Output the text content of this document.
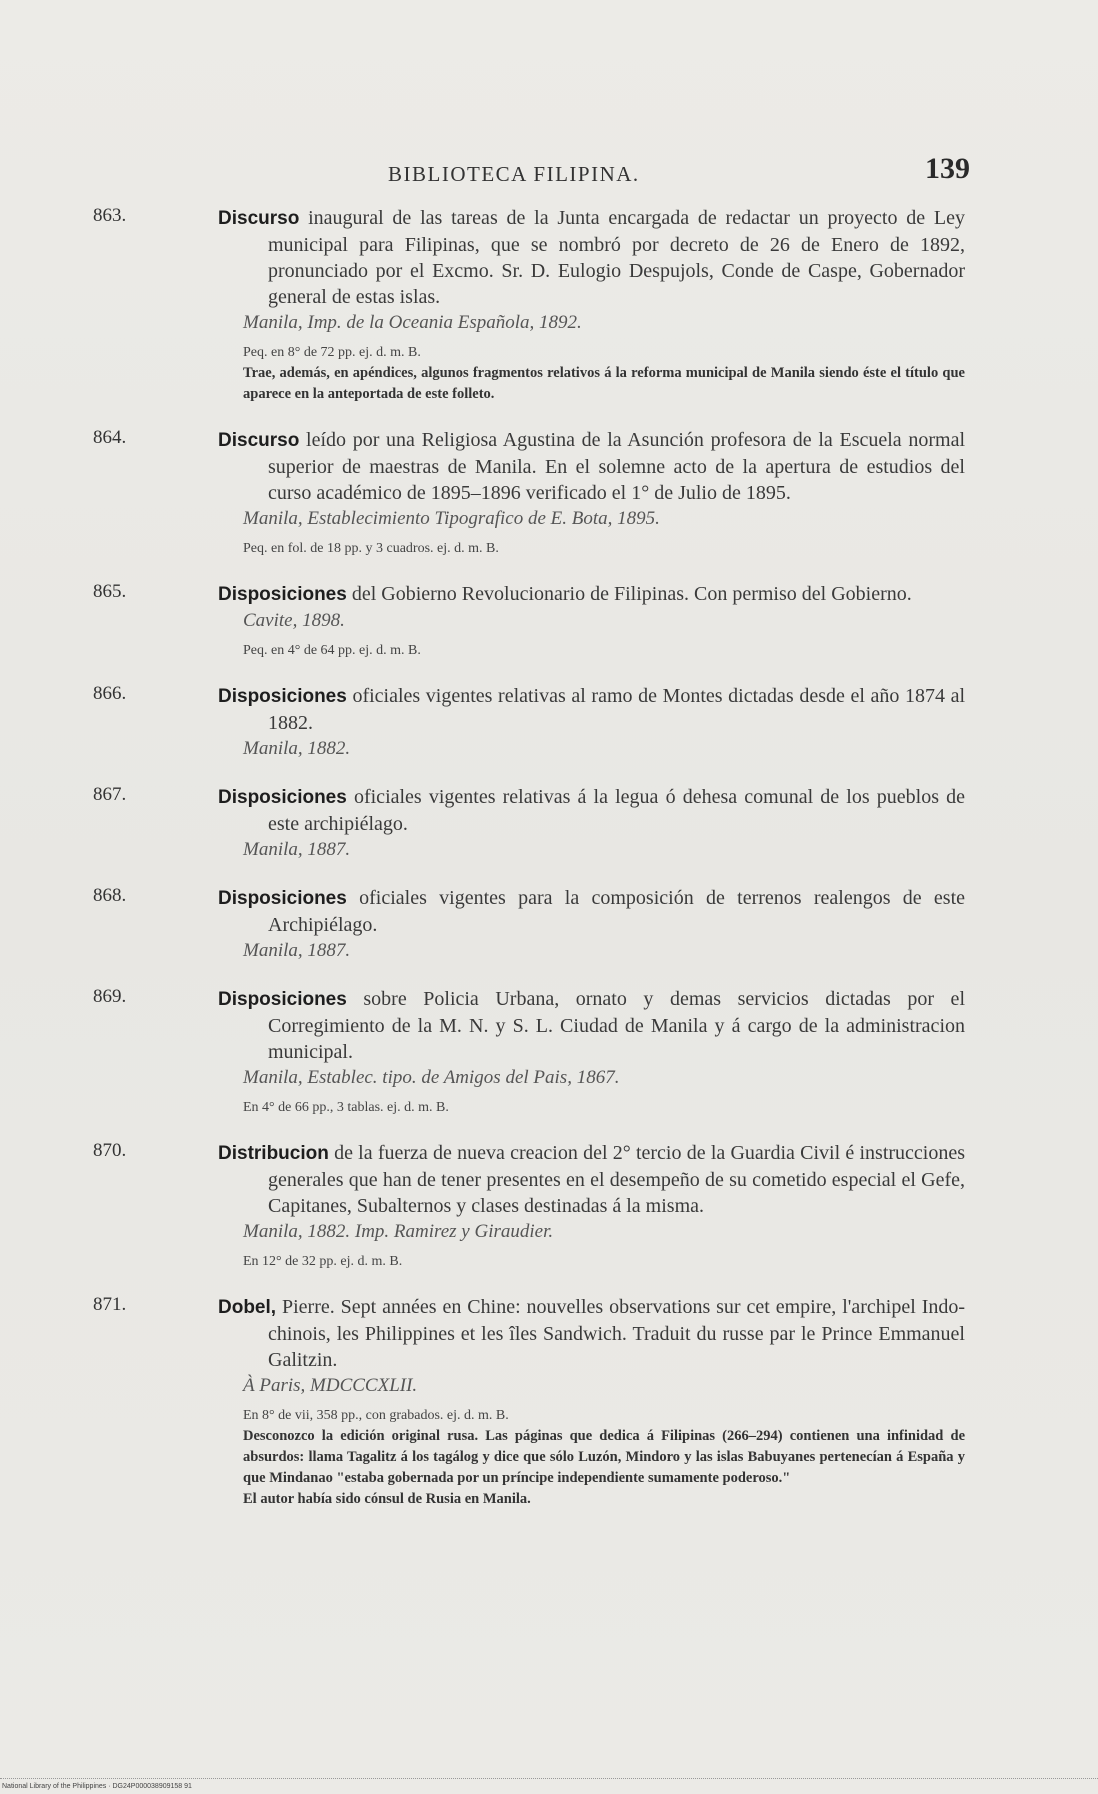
BIBLIOTECA FILIPINA.	139
863.	Discurso inaugural de las tareas de la Junta encargada de redactar un proyecto de Ley municipal para Filipinas, que se nombró por decreto de 26 de Enero de 1892, pronunciado por el Excmo. Sr. D. Eulogio Despujols, Conde de Caspe, Gobernador general de estas islas.
Manila, Imp. de la Oceania Española, 1892.

Peq. en 8° de 72 pp. ej. d. m. B.

Trae, además, en apéndices, algunos fragmentos relativos á la reforma municipal de Manila siendo éste el título que aparece en la anteportada de este folleto.

864.	Discurso leído por una Religiosa Agustina de la Asunción profesora de la Escuela normal superior de maestras de Manila. En el solemne acto de la apertura de estudios del curso académico de 1895–1896 verificado el 1° de Julio de 1895.
Manila, Establecimiento Tipografico de E. Bota, 1895.

Peq. en fol. de 18 pp. y 3 cuadros. ej. d. m. B.

865.	Disposiciones del Gobierno Revolucionario de Filipinas. Con permiso del Gobierno.
Cavite, 1898.

Peq. en 4° de 64 pp. ej. d. m. B.

866.	Disposiciones oficiales vigentes relativas al ramo de Montes dictadas desde el año 1874 al 1882.
Manila, 1882.
867.	Disposiciones oficiales vigentes relativas á la legua ó dehesa comunal de los pueblos de este archipiélago.
Manila, 1887.
868.	Disposiciones oficiales vigentes para la composición de terrenos realengos de este Archipiélago.
Manila, 1887.
869.	Disposiciones sobre Policia Urbana, ornato y demas servicios dictadas por el Corregimiento de la M. N. y S. L. Ciudad de Manila y á cargo de la administracion municipal.
Manila, Establec. tipo. de Amigos del Pais, 1867.

En 4° de 66 pp., 3 tablas. ej. d. m. B.

870.	Distribucion de la fuerza de nueva creacion del 2° tercio de la Guardia Civil é instrucciones generales que han de tener presentes en el desempeño de su cometido especial el Gefe, Capitanes, Subalternos y clases destinadas á la misma.
Manila, 1882. Imp. Ramirez y Giraudier.

En 12° de 32 pp. ej. d. m. B.

871.	Dobel, Pierre. Sept années en Chine: nouvelles observations sur cet empire, l'archipel Indo-chinois, les Philippines et les îles Sandwich. Traduit du russe par le Prince Emmanuel Galitzin.
À Paris, MDCCCXLII.

En 8° de vii, 358 pp., con grabados. ej. d. m. B.

Desconozco la edición original rusa. Las páginas que dedica á Filipinas (266–294) contienen una infinidad de absurdos: llama Tagalitz á los tagálog y dice que sólo Luzón, Mindoro y las islas Babuyanes pertenecían á España y que Mindanao "estaba gobernada por un príncipe independiente sumamente poderoso."

El autor había sido cónsul de Rusia en Manila.

National Library of the Philippines · DG24P000038909158 91
